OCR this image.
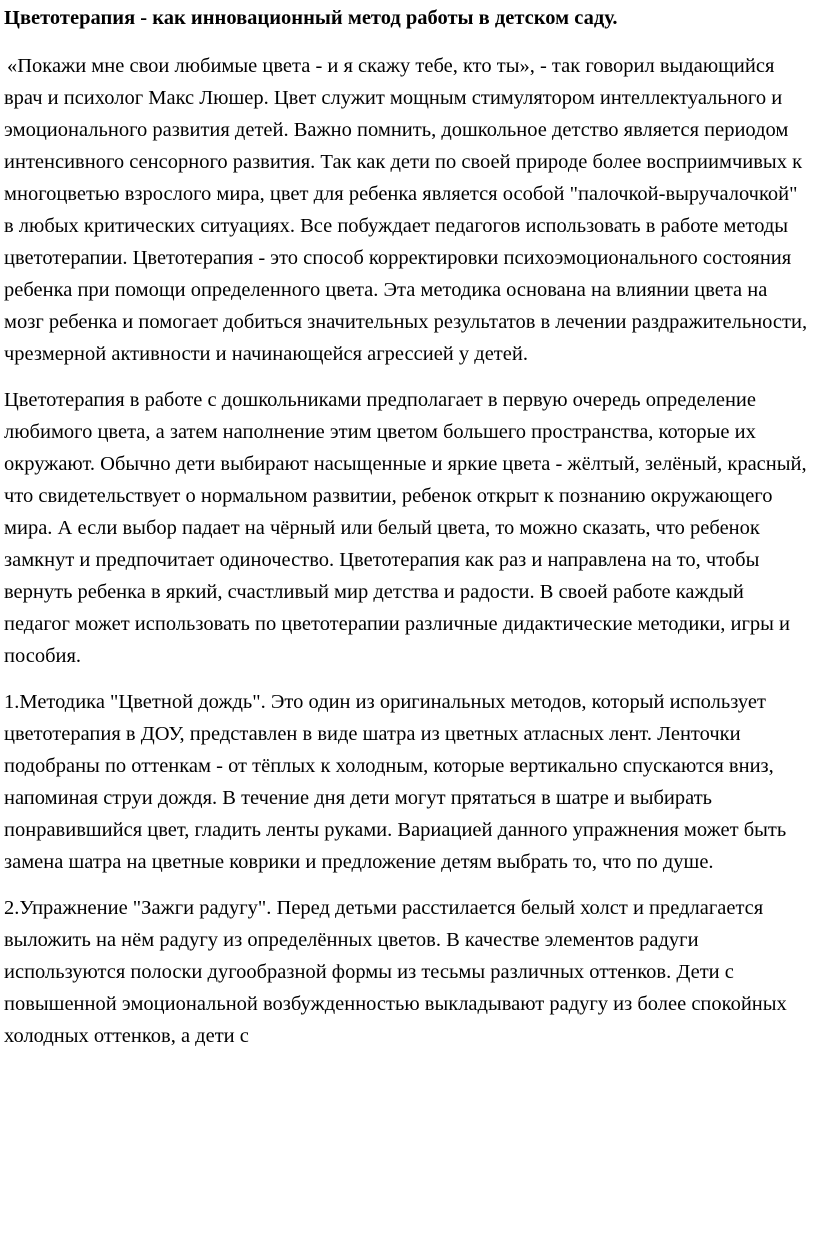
Цветотерапия - как инновационный метод работы в детском саду.

«Покажи мне свои любимые цвета - и я скажу тебе, кто ты», - так говорил выдающийся врач и психолог Макс Люшер. Цвет служит мощным стимулятором интеллектуального и эмоционального развития детей. Важно помнить, дошкольное детство является периодом интенсивного сенсорного развития. Так как дети по своей природе более восприимчивых к многоцветью взрослого мира, цвет для ребенка является особой "палочкой-выручалочкой" в любых критических ситуациях. Все побуждает педагогов использовать в работе методы цветотерапии. Цветотерапия - это способ корректировки психоэмоционального состояния ребенка при помощи определенного цвета. Эта методика основана на влиянии цвета на мозг ребенка и помогает добиться значительных результатов в лечении раздражительности, чрезмерной активности и начинающейся агрессией у детей.

Цветотерапия в работе с дошкольниками предполагает в первую очередь определение любимого цвета, а затем наполнение этим цветом большего пространства, которые их окружают. Обычно дети выбирают насыщенные и яркие цвета - жёлтый, зелёный, красный, что свидетельствует о нормальном развитии, ребенок открыт к познанию окружающего мира. А если выбор падает на чёрный или белый цвета, то можно сказать, что ребенок замкнут и предпочитает одиночество. Цветотерапия как раз и направлена на то, чтобы вернуть ребенка в яркий, счастливый мир детства и радости. В своей работе каждый педагог может использовать по цветотерапии различные дидактические методики, игры и пособия.

1.Методика "Цветной дождь". Это один из оригинальных методов, который использует цветотерапия в ДОУ, представлен в виде шатра из цветных атласных лент. Ленточки подобраны по оттенкам - от тёплых к холодным, которые вертикально спускаются вниз, напоминая струи дождя. В течение дня дети могут прятаться в шатре и выбирать понравившийся цвет, гладить ленты руками. Вариацией данного упражнения может быть замена шатра на цветные коврики и предложение детям выбрать то, что по душе.

2.Упражнение "Зажги радугу". Перед детьми расстилается белый холст и предлагается выложить на нём радугу из определённых цветов. В качестве элементов радуги используются полоски дугообразной формы из тесьмы различных оттенков. Дети с повышенной эмоциональной возбужденностью выкладывают радугу из более спокойных холодных оттенков, а дети с
